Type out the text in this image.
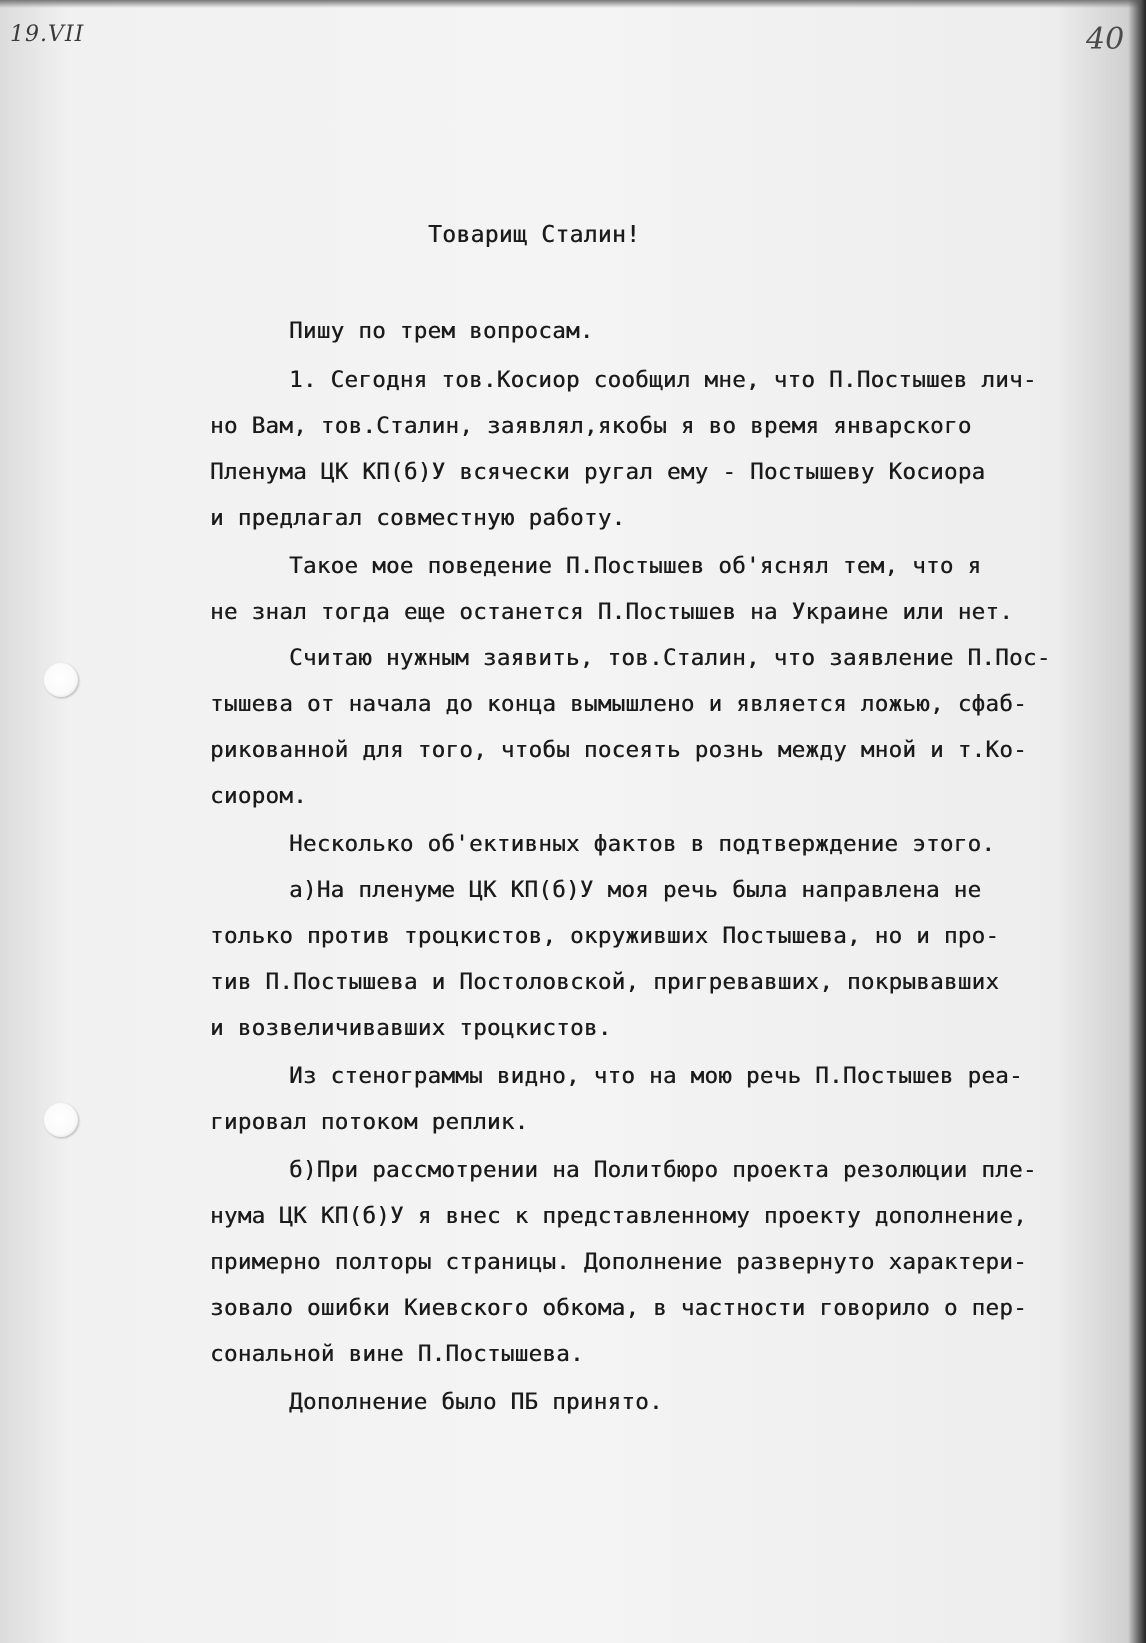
19.VII	40
Товарищ Сталин!
Пишу по трем вопросам.
1. Сегодня тов.Косиор сообщил мне, что П.Постышев лич-
но Вам, тов.Сталин, заявлял,якобы я во время январского
Пленума ЦК КП(б)У всячески ругал ему - Постышеву Косиора
и предлагал совместную работу.
Такое мое поведение П.Постышев об'яснял тем, что я
не знал тогда еще останется П.Постышев на Украине или нет.
Считаю нужным заявить, тов.Сталин, что заявление П.Пос-
тышева от начала до конца вымышлено и является ложью, сфаб-
рикованной для того, чтобы посеять рознь между мной и т.Ко-
сиором.
Несколько об'ективных фактов в подтверждение этого.
а)На пленуме ЦК КП(б)У моя речь была направлена не
только против троцкистов, окруживших Постышева, но и про-
тив П.Постышева и Постоловской, пригревавших, покрывавших
и возвеличивавших троцкистов.
Из стенограммы видно, что на мою речь П.Постышев реа-
гировал потоком реплик.
б)При рассмотрении на Политбюро проекта резолюции пле-
нума ЦК КП(б)У я внес к представленному проекту дополнение,
примерно полторы страницы. Дополнение развернуто характери-
зовало ошибки Киевского обкома, в частности говорило о пер-
сональной вине П.Постышева.
Дополнение было ПБ принято.
